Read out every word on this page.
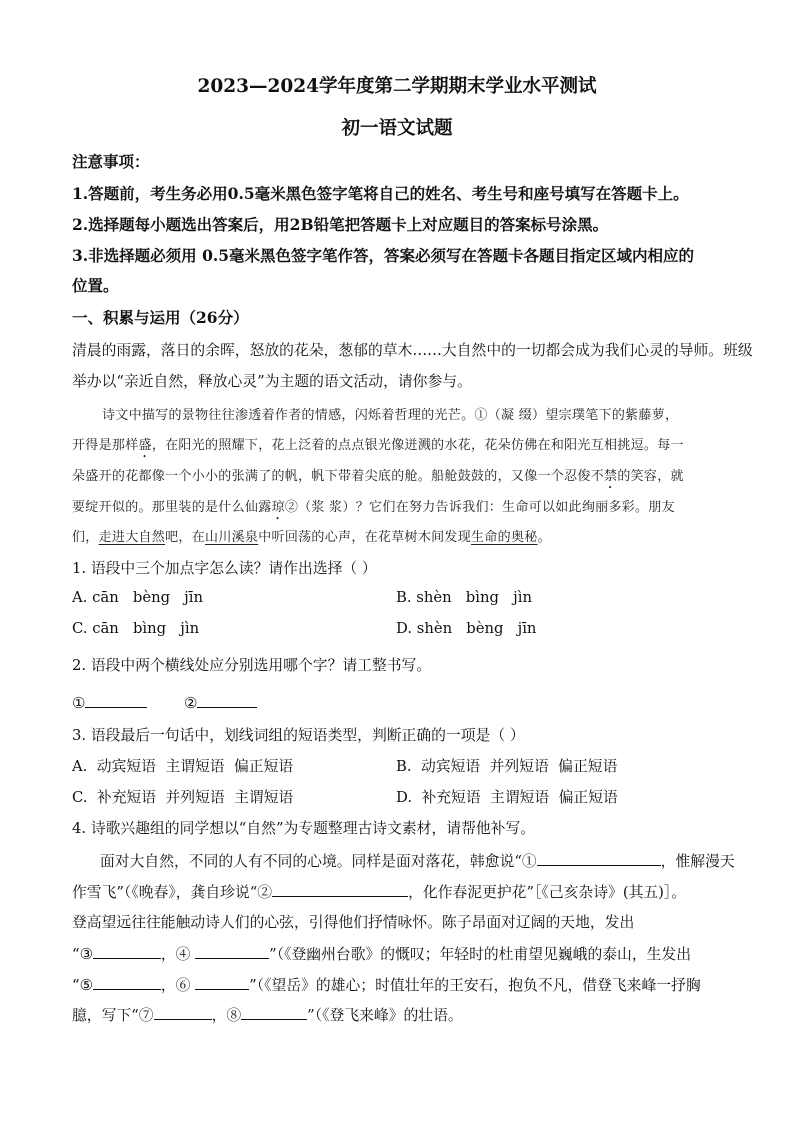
2023—2024学年度第二学期期末学业水平测试
初一语文试题
注意事项：
1.答题前，考生务必用0.5毫米黑色签字笔将自己的姓名、考生号和座号填写在答题卡上。
2.选择题每小题选出答案后，用2B铅笔把答题卡上对应题目的答案标号涂黑。
3.非选择题必须用 0.5毫米黑色签字笔作答，答案必须写在答题卡各题目指定区域内相应的
位置。
一、积累与运用（26分）
清晨的雨露，落日的余晖，怒放的花朵，葱郁的草木……大自然中的一切都会成为我们心灵的导师。班级
举办以“亲近自然，释放心灵”为主题的语文活动，请你参与。
诗文中描写的景物往往渗透着作者的情感，闪烁着哲理的光芒。①（凝 缀）望宗璞笔下的紫藤萝，
开得是那样盛，在阳光的照耀下，花上泛着的点点银光像迸溅的水花，花朵仿佛在和阳光互相挑逗。每一
朵盛开的花都像一个小小的张满了的帆，帆下带着尖底的舱。船舱鼓鼓的，又像一个忍俊不禁的笑容，就
要绽开似的。那里装的是什么仙露琼②（浆 浆）？它们在努力告诉我们：生命可以如此绚丽多彩。朋友
们，走进大自然吧，在山川溪泉中听回荡的心声，在花草树木间发现生命的奥秘。
1. 语段中三个加点字怎么读？请作出选择（ ）
A. cān   bèng   jīn	B. shèn   bìng   jìn
C. cān   bìng   jìn	D. shèn   bèng   jīn
2. 语段中两个横线处应分别选用哪个字？请工整书写。
①	②
3. 语段最后一句话中，划线词组的短语类型，判断正确的一项是（ ）
A.  动宾短语  主谓短语  偏正短语	B.  动宾短语  并列短语  偏正短语
C.  补充短语  并列短语  主谓短语	D.  补充短语  主谓短语  偏正短语
4. 诗歌兴趣组的同学想以“自然”为专题整理古诗文素材，请帮他补写。
面对大自然，不同的人有不同的心境。同样是面对落花，韩愈说“①	，惟解漫天
作雪飞”（《晚春》，龚自珍说“②	，化作春泥更护花”［《己亥杂诗》(其五)］。
登高望远往往能触动诗人们的心弦，引得他们抒情咏怀。陈子昂面对辽阔的天地，发出
“③	，④	”（《登幽州台歌》的慨叹；年轻时的杜甫望见巍峨的泰山，生发出
“⑤	，⑥	”（《望岳》的雄心；时值壮年的王安石，抱负不凡，借登飞来峰一抒胸
臆，写下“⑦	，⑧	”（《登飞来峰》的壮语。
